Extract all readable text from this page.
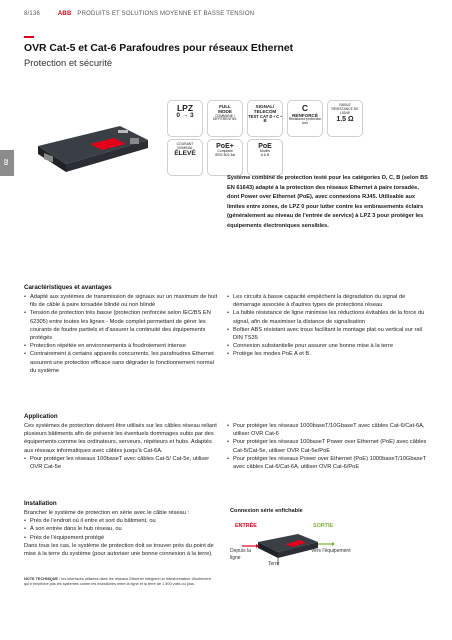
8/136	ABB PRODUITS ET SOLUTIONS MOYENNE ET BASSE TENSION
OVR Cat-5 et Cat-6 Parafoudres pour réseaux Ethernet
Protection et sécurité
02
LPZ
0 → 3
FULL
MODE
COMMUNE / DIFFÉRENTIEL
SIGNAL/
TELECOM
TEST CAT D • C • B
C
RENFORCÉ
Résistance protection test
FAIBLE
RÉSISTANCE DE LIGNE
1.5 Ω
COURANT
NOMINAL
ÉLEVÉ
PoE+
Compliant
IEEE 802.3at
PoE
Modes
A & B
Système combiné de protection testé pour les catégories D, C, B (selon BS EN 61643) adapté à la protection des réseaux Ethernet à paire torsadée, dont Power over Ethernet (PoE), avec connexions RJ45. Utilisable aux limites entre zones, de LPZ 0 pour lutter contre les embrasements éclairs (généralement au niveau de l'entrée de service) à LPZ 3 pour protéger les équipements électroniques sensibles.
Caractéristiques et avantages
• Adapté aux systèmes de transmission de signaux sur un maximum de huit fils de câble à paire torsadée blindé ou non blindé
• Tension de protection très basse (protection renforcée selon IEC/BS EN 62305) entre toutes les lignes - Mode complet permettant de gérer les courants de foudre partiels et d'assurer la continuité des équipements protégés
• Protection répétée en environnements à foudroiement intense
• Contrairement à certains appareils concurrents, les parafoudres Ethernet assurent une protection efficace sans dégrader le fonctionnement normal du système
• Les circuits à basse capacité empêchent la dégradation du signal de démarrage associée à d'autres types de protections réseau
• La faible résistance de ligne minimise les réductions évitables de la force du signal, afin de maximiser la distance de signalisation
• Boîtier ABS résistant avec trous facilitant le montage plat ou vertical sur rail DIN TS35
• Connexion substantielle pour assurer une bonne mise à la terre
• Protège les modes PoE A et B.
Application

Ces systèmes de protection doivent être utilisés sur les câbles réseau reliant plusieurs bâtiments afin de prévenir les éventuels dommages subis par des équipements comme les ordinateurs, serveurs, répéteurs et hubs. Adaptés aux réseaux informatiques avec câbles jusqu'à Cat-6A.

• Pour protéger les réseaux 100baseT avec câbles Cat-5/ Cat-5e, utiliser OVR Cat-5e
• Pour protéger les réseaux 1000baseT/10GbaseT avec câbles Cat-6/Cat-6A, utiliser OVR Cat-6
• Pour protéger les réseaux 100baseT Power over Ethernet (PoE) avec câbles Cat-5/Cat-5e, utiliser OVR Cat-5e/PoE
• Pour protéger les réseaux Power over Ethernet (PoE) 1000baseT/10GbaseT avec câbles Cat-6/Cat-6A, utiliser OVR Cat-6/PoE
Installation

Brancher le système de protection en série avec le câble réseau :

• Près de l'endroit où il entre et sort du bâtiment, ou
• À son entrée dans le hub réseau, ou
• Près de l'équipement protégé

Dans tous les cas, le système de protection doit se trouver près du point de mise à la terre du système (pour autoriser une bonne connexion à la terre).

NOTE TECHNIQUE : les interfaces utilisées dans les réseaux Ethernet intègrent un transformateur d'isolement qui n'empêche pas les systèmes contre les transitoires entre la ligne et la terre de 1 500 volts ou plus.
Connexion série enfichable
ENTRÉE	SORTIE
Depuis la ligne
Terre
Vers l'équipement
